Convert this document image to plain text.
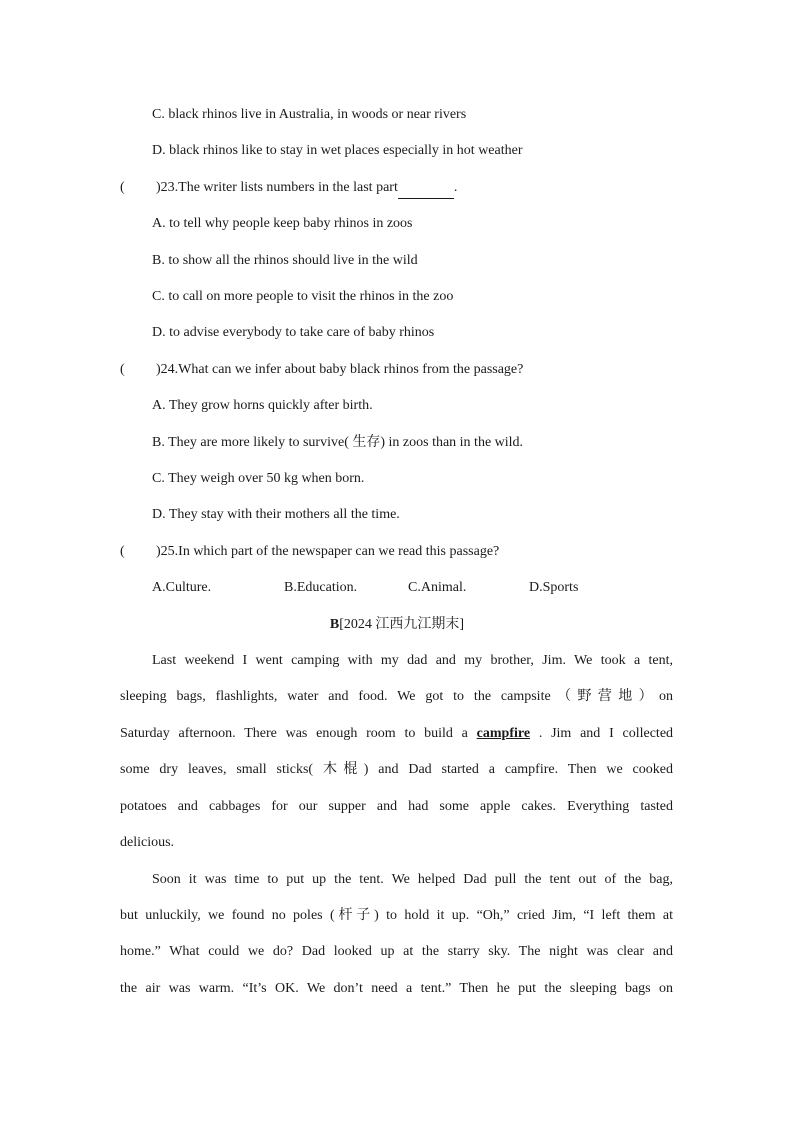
C. black rhinos live in Australia, in woods or near rivers
D. black rhinos like to stay in wet places especially in hot weather
( )23.The writer lists numbers in the last part	.
A. to tell why people keep baby rhinos in zoos
B. to show all the rhinos should live in the wild
C. to call on more people to visit the rhinos in the zoo
D. to advise everybody to take care of baby rhinos
( )24.What can we infer about baby black rhinos from the passage?
A. They grow horns quickly after birth.
B. They are more likely to survive( 生存) in zoos than in the wild.
C. They weigh over 50 kg when born.
D. They stay with their mothers all the time.
( )25.In which part of the newspaper can we read this passage?
A.Culture.	B.Education.	C.Animal.	D.Sports
B[2024 江西九江期末]
Last weekend I went camping with my dad and my brother, Jim. We took a tent,
sleeping bags, flashlights, water and food. We got to the campsite（野营地）on
Saturday afternoon. There was enough room to build a campfire . Jim and I collected
some dry leaves, small sticks( 木棍) and Dad started a campfire. Then we cooked
potatoes and cabbages for our supper and had some apple cakes. Everything tasted
delicious.
Soon it was time to put up the tent. We helped Dad pull the tent out of the bag,
but unluckily, we found no poles (杆子) to hold it up. “Oh,” cried Jim, “I left them at
home.” What could we do? Dad looked up at the starry sky. The night was clear and
the air was warm. “It’s OK. We don’t need a tent.” Then he put the sleeping bags on
